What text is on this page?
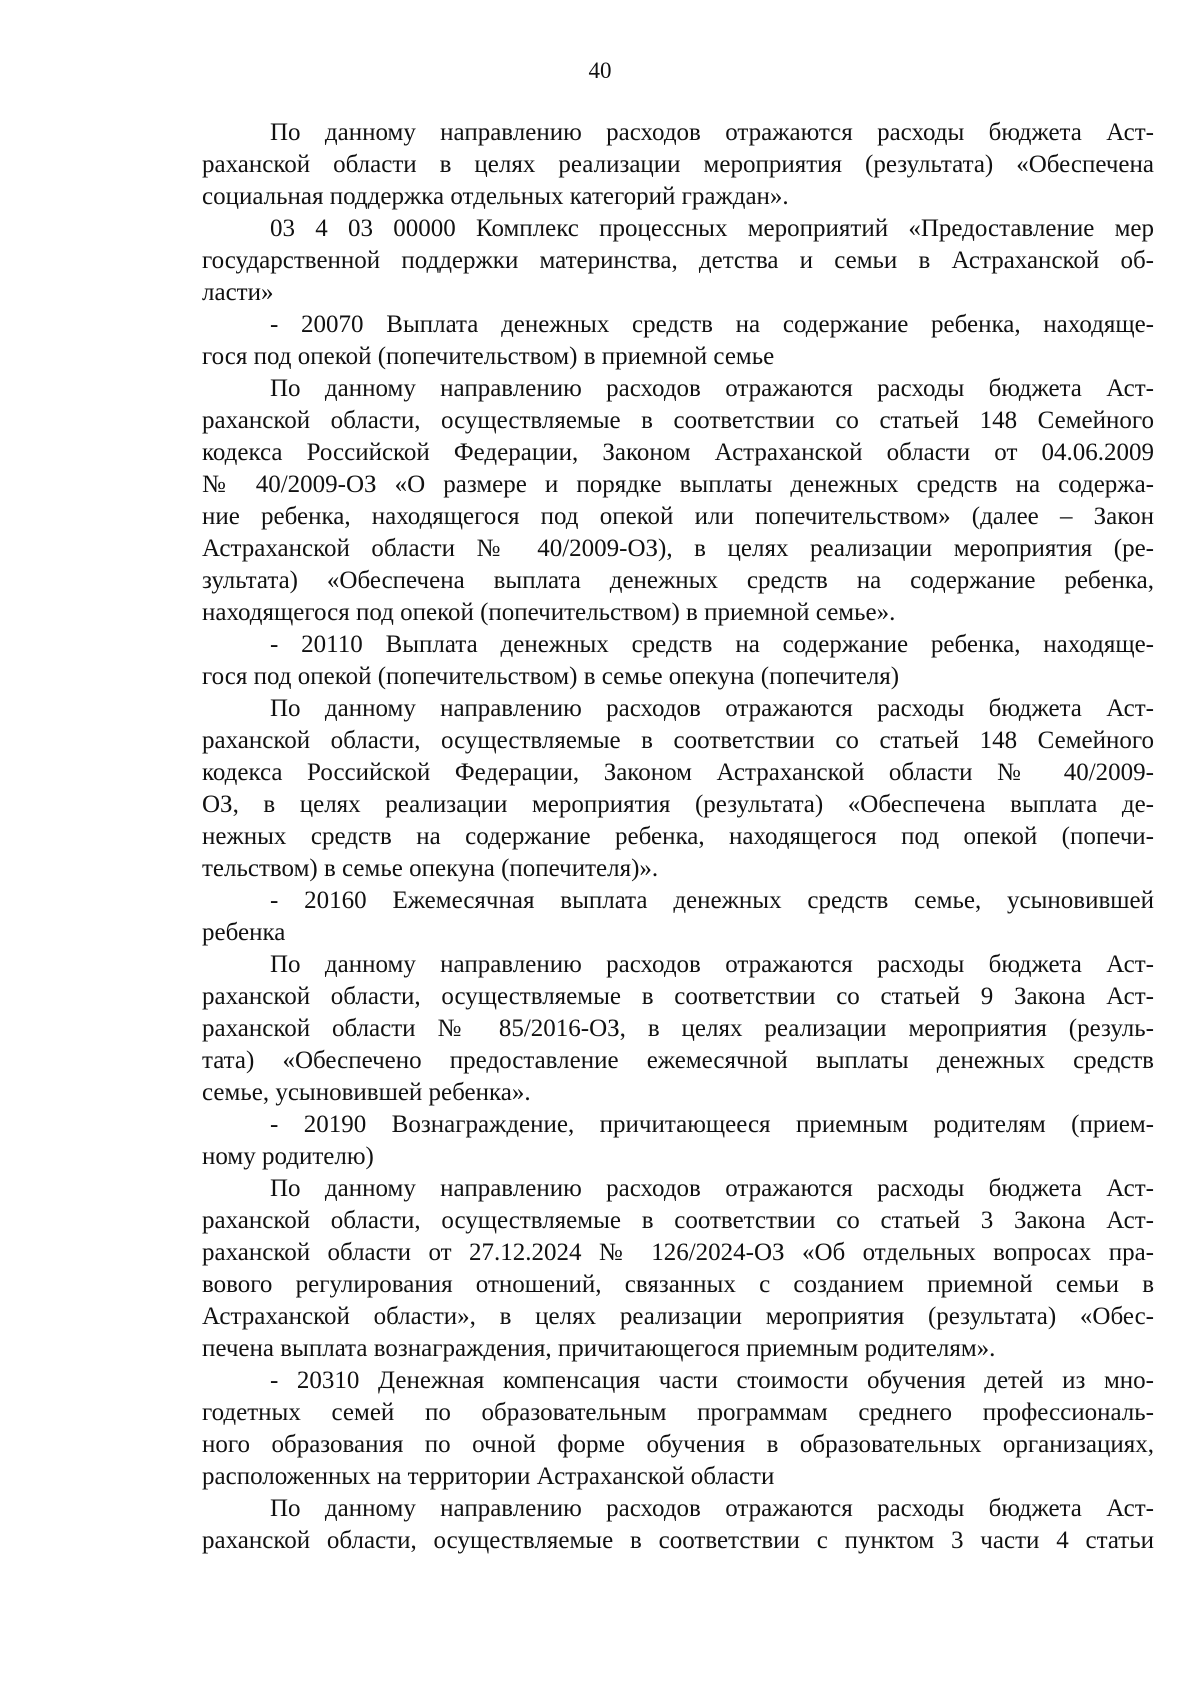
40
По данному направлению расходов отражаются расходы бюджета Аст-
раханской области в целях реализации мероприятия (результата) «Обеспечена
социальная поддержка отдельных категорий граждан».
03 4 03 00000 Комплекс процессных мероприятий «Предоставление мер
государственной поддержки материнства, детства и семьи в Астраханской об-
ласти»
- 20070 Выплата денежных средств на содержание ребенка, находяще-
гося под опекой (попечительством) в приемной семье
По данному направлению расходов отражаются расходы бюджета Аст-
раханской области, осуществляемые в соответствии со статьей 148 Семейного
кодекса Российской Федерации, Законом Астраханской области от 04.06.2009
№ 40/2009-ОЗ «О размере и порядке выплаты денежных средств на содержа-
ние ребенка, находящегося под опекой или попечительством» (далее – Закон
Астраханской области № 40/2009-ОЗ), в целях реализации мероприятия (ре-
зультата) «Обеспечена выплата денежных средств на содержание ребенка,
находящегося под опекой (попечительством) в приемной семье».
- 20110 Выплата денежных средств на содержание ребенка, находяще-
гося под опекой (попечительством) в семье опекуна (попечителя)
По данному направлению расходов отражаются расходы бюджета Аст-
раханской области, осуществляемые в соответствии со статьей 148 Семейного
кодекса Российской Федерации, Законом Астраханской области № 40/2009-
ОЗ, в целях реализации мероприятия (результата) «Обеспечена выплата де-
нежных средств на содержание ребенка, находящегося под опекой (попечи-
тельством) в семье опекуна (попечителя)».
- 20160 Ежемесячная выплата денежных средств семье, усыновившей
ребенка
По данному направлению расходов отражаются расходы бюджета Аст-
раханской области, осуществляемые в соответствии со статьей 9 Закона Аст-
раханской области № 85/2016-ОЗ, в целях реализации мероприятия (резуль-
тата) «Обеспечено предоставление ежемесячной выплаты денежных средств
семье, усыновившей ребенка».
- 20190 Вознаграждение, причитающееся приемным родителям (прием-
ному родителю)
По данному направлению расходов отражаются расходы бюджета Аст-
раханской области, осуществляемые в соответствии со статьей 3 Закона Аст-
раханской области от 27.12.2024 № 126/2024-ОЗ «Об отдельных вопросах пра-
вового регулирования отношений, связанных с созданием приемной семьи в
Астраханской области», в целях реализации мероприятия (результата) «Обес-
печена выплата вознаграждения, причитающегося приемным родителям».
- 20310 Денежная компенсация части стоимости обучения детей из мно-
годетных семей по образовательным программам среднего профессиональ-
ного образования по очной форме обучения в образовательных организациях,
расположенных на территории Астраханской области
По данному направлению расходов отражаются расходы бюджета Аст-
раханской области, осуществляемые в соответствии с пунктом 3 части 4 статьи
